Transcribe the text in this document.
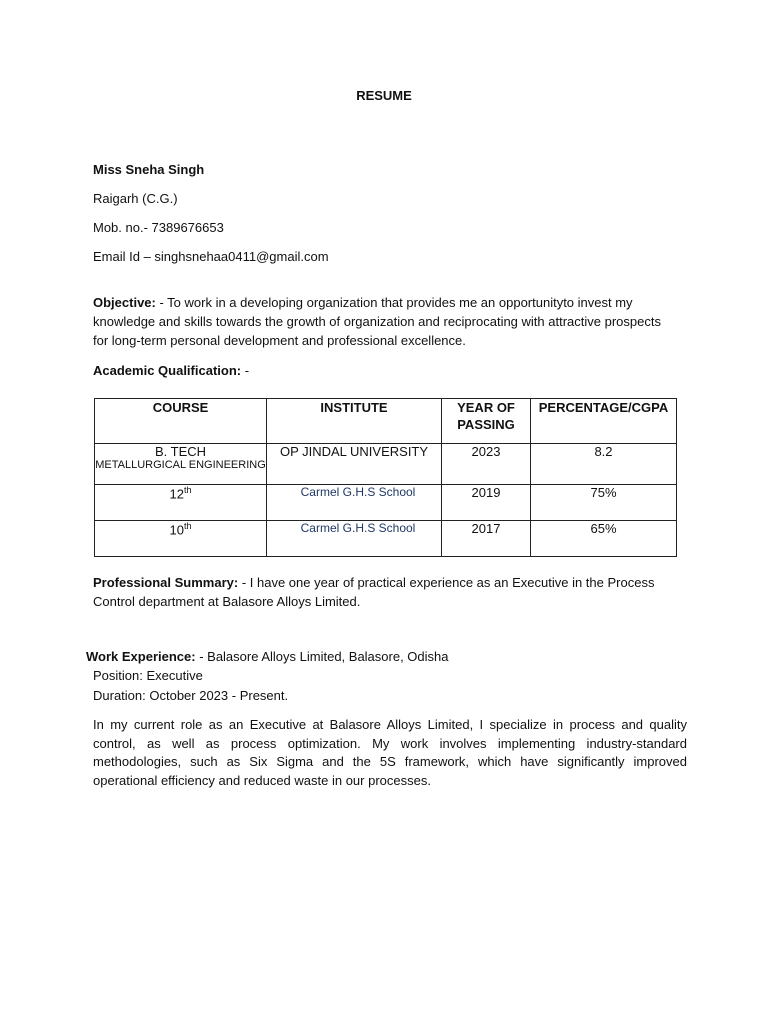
RESUME
Miss Sneha Singh
Raigarh (C.G.)
Mob. no.- 7389676653
Email Id – singhsnehaa0411@gmail.com
Objective: - To work in a developing organization that provides me an opportunityto invest my knowledge and skills towards the growth of organization and reciprocating with attractive prospects for long-term personal development and professional excellence.
Academic Qualification: -
COURSE	INSTITUTE	YEAR OF PASSING	PERCENTAGE/CGPA
B. TECH
METALLURGICAL ENGINEERING	OP JINDAL UNIVERSITY	2023	8.2
12th	Carmel G.H.S School	2019	75%
10th	Carmel G.H.S School	2017	65%
Professional Summary: - I have one year of practical experience as an Executive in the Process Control department at Balasore Alloys Limited.
Work Experience: - Balasore Alloys Limited, Balasore, Odisha
Position: Executive
Duration: October 2023 - Present.
In my current role as an Executive at Balasore Alloys Limited, I specialize in process and quality control, as well as process optimization. My work involves implementing industry-standard methodologies, such as Six Sigma and the 5S framework, which have significantly improved operational efficiency and reduced waste in our processes.
